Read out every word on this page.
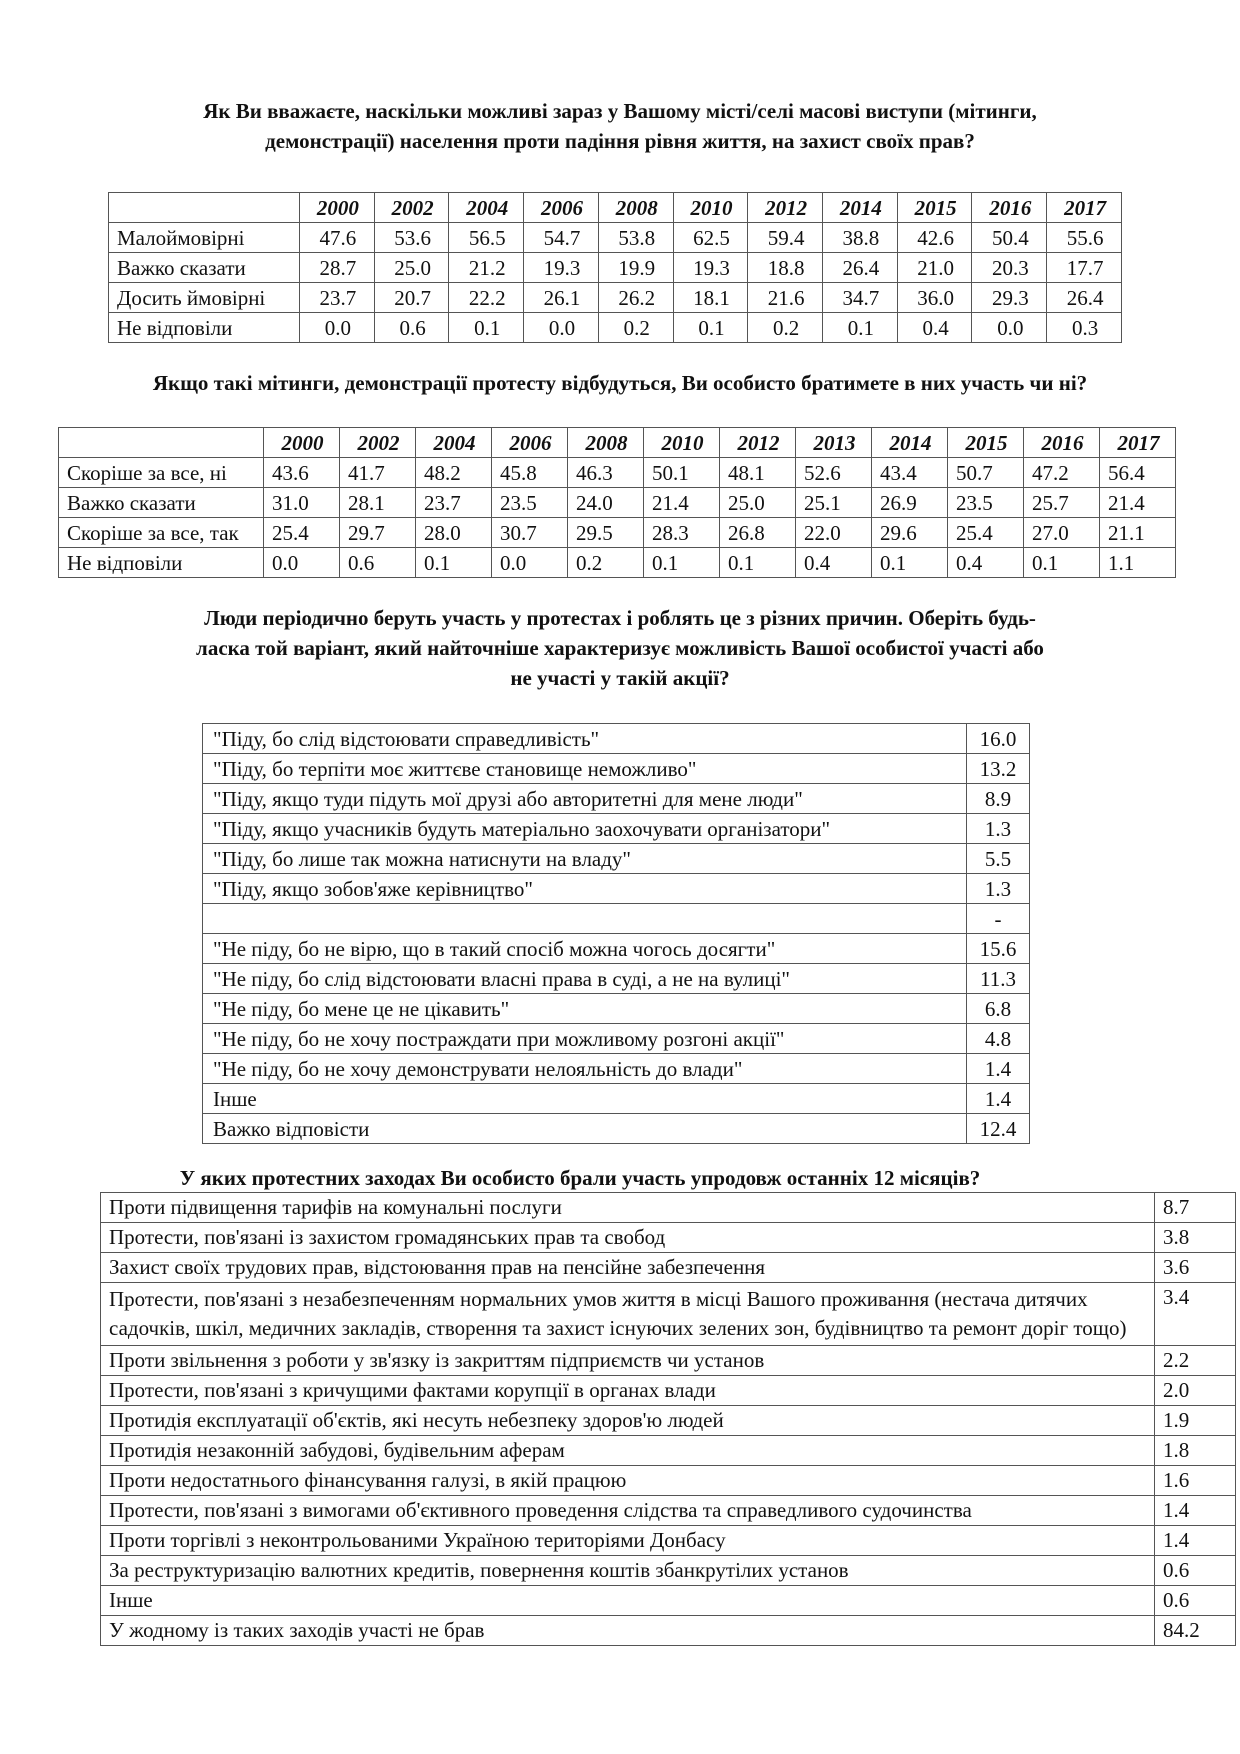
Як Ви вважаєте, наскільки можливі зараз у Вашому місті/селі масові виступи (мітинги,
демонстрації) населення проти падіння рівня життя, на захист своїх прав?
	2000	2002	2004	2006	2008	2010	2012	2014	2015	2016	2017
Малоймовірні	47.6	53.6	56.5	54.7	53.8	62.5	59.4	38.8	42.6	50.4	55.6
Важко сказати	28.7	25.0	21.2	19.3	19.9	19.3	18.8	26.4	21.0	20.3	17.7
Досить ймовірні	23.7	20.7	22.2	26.1	26.2	18.1	21.6	34.7	36.0	29.3	26.4
Не відповіли	0.0	0.6	0.1	0.0	0.2	0.1	0.2	0.1	0.4	0.0	0.3
Якщо такі мітинги, демонстрації протесту відбудуться, Ви особисто братимете в них участь чи ні?
	2000	2002	2004	2006	2008	2010	2012	2013	2014	2015	2016	2017
Скоріше за все, ні	43.6	41.7	48.2	45.8	46.3	50.1	48.1	52.6	43.4	50.7	47.2	56.4
Важко сказати	31.0	28.1	23.7	23.5	24.0	21.4	25.0	25.1	26.9	23.5	25.7	21.4
Скоріше за все, так	25.4	29.7	28.0	30.7	29.5	28.3	26.8	22.0	29.6	25.4	27.0	21.1
Не відповіли	0.0	0.6	0.1	0.0	0.2	0.1	0.1	0.4	0.1	0.4	0.1	1.1
Люди періодично беруть участь у протестах і роблять це з різних причин. Оберіть будь-
ласка той варіант, який найточніше характеризує можливість Вашої особистої участі або
не участі у такій акції?
"Піду, бо слід відстоювати справедливість"	16.0
"Піду, бо терпіти моє життєве становище неможливо"	13.2
"Піду, якщо туди підуть мої друзі або авторитетні для мене люди"	8.9
"Піду, якщо учасників будуть матеріально заохочувати організатори"	1.3
"Піду, бо лише так можна натиснути на владу"	5.5
"Піду, якщо зобов'яже керівництво"	1.3
	-
"Не піду, бо не вірю, що в такий спосіб можна чогось досягти"	15.6
"Не піду, бо слід відстоювати власні права в суді, а не на вулиці"	11.3
"Не піду, бо мене це не цікавить"	6.8
"Не піду, бо не хочу постраждати при можливому розгоні акції"	4.8
"Не піду, бо не хочу демонструвати нелояльність до влади"	1.4
Інше	1.4
Важко відповісти	12.4
У яких протестних заходах Ви особисто брали участь упродовж останніх 12 місяців?
Проти підвищення тарифів на комунальні послуги	8.7
Протести, пов'язані із захистом громадянських прав та свобод	3.8
Захист своїх трудових прав, відстоювання прав на пенсійне забезпечення	3.6
Протести, пов'язані з незабезпеченням нормальних умов життя в місці Вашого проживання (нестача дитячих садочків, шкіл, медичних закладів, створення та захист існуючих зелених зон, будівництво та ремонт доріг тощо)	3.4
Проти звільнення з роботи у зв'язку із закриттям підприємств чи установ	2.2
Протести, пов'язані з кричущими фактами корупції в органах влади	2.0
Протидія експлуатації об'єктів, які несуть небезпеку здоров'ю людей	1.9
Протидія незаконній забудові, будівельним аферам	1.8
Проти недостатнього фінансування галузі, в якій працюю	1.6
Протести, пов'язані з вимогами об'єктивного проведення слідства та справедливого судочинства	1.4
Проти торгівлі з неконтрольованими Україною територіями Донбасу	1.4
За реструктуризацію валютних кредитів, повернення коштів збанкрутілих установ	0.6
Інше	0.6
У жодному із таких заходів участі не брав	84.2
